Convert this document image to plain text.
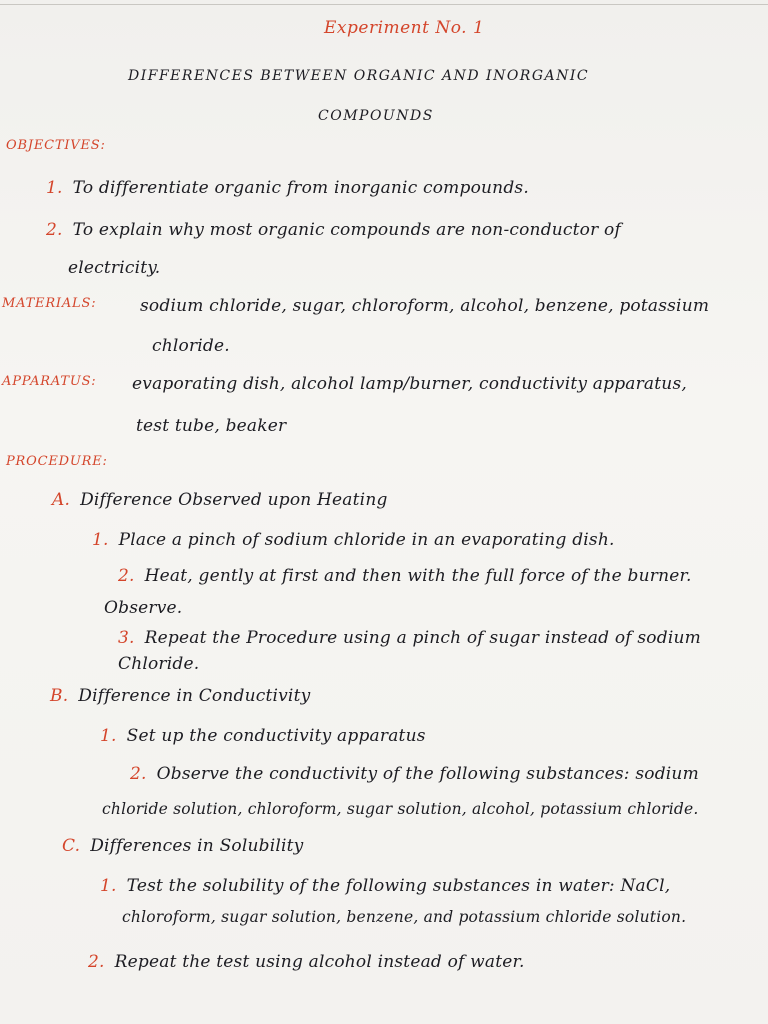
Experiment No. 1
DIFFERENCES BETWEEN ORGANIC AND INORGANIC
COMPOUNDS
OBJECTIVES:
1. To differentiate organic from inorganic compounds.
2. To explain why most organic compounds are non-conductor of
electricity.
MATERIALS:	sodium chloride, sugar, chloroform, alcohol, benzene, potassium
chloride.
APPARATUS: evaporating dish, alcohol lamp/burner, conductivity apparatus,
test tube, beaker
PROCEDURE:
A. Difference Observed upon Heating
1. Place a pinch of sodium chloride in an evaporating dish.
2. Heat, gently at first and then with the full force of the burner.
Observe.
3. Repeat the Procedure using a pinch of sugar instead of sodium
Chloride.
B. Difference in Conductivity
1. Set up the conductivity apparatus
2. Observe the conductivity of the following substances: sodium
chloride solution, chloroform, sugar solution, alcohol, potassium chloride.
C. Differences in Solubility
1. Test the solubility of the following substances in water: NaCl,
chloroform, sugar solution, benzene, and potassium chloride solution.
2. Repeat the test using alcohol instead of water.
